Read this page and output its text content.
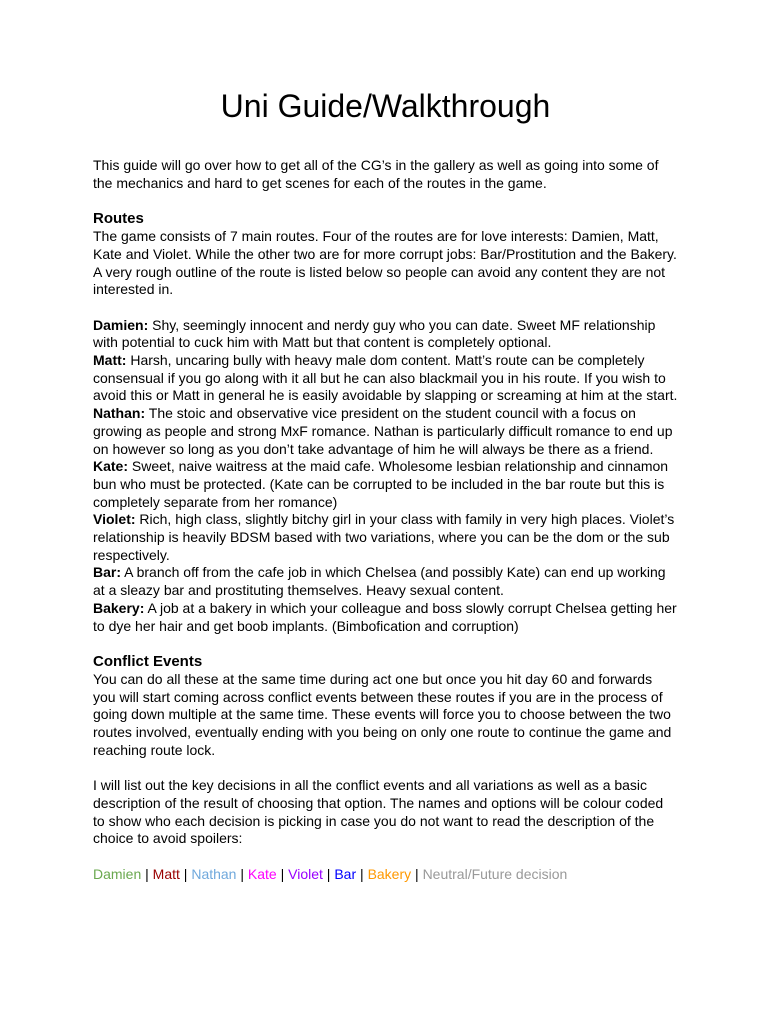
Uni Guide/Walkthrough

This guide will go over how to get all of the CG’s in the gallery as well as going into some of the mechanics and hard to get scenes for each of the routes in the game.

Routes

The game consists of 7 main routes. Four of the routes are for love interests: Damien, Matt, Kate and Violet. While the other two are for more corrupt jobs: Bar/Prostitution and the Bakery. A very rough outline of the route is listed below so people can avoid any content they are not interested in.

Damien: Shy, seemingly innocent and nerdy guy who you can date. Sweet MF relationship with potential to cuck him with Matt but that content is completely optional.

Matt: Harsh, uncaring bully with heavy male dom content. Matt’s route can be completely consensual if you go along with it all but he can also blackmail you in his route. If you wish to avoid this or Matt in general he is easily avoidable by slapping or screaming at him at the start.

Nathan: The stoic and observative vice president on the student council with a focus on growing as people and strong MxF romance. Nathan is particularly difficult romance to end up on however so long as you don’t take advantage of him he will always be there as a friend.

Kate: Sweet, naive waitress at the maid cafe. Wholesome lesbian relationship and cinnamon bun who must be protected. (Kate can be corrupted to be included in the bar route but this is completely separate from her romance)

Violet: Rich, high class, slightly bitchy girl in your class with family in very high places. Violet’s relationship is heavily BDSM based with two variations, where you can be the dom or the sub respectively.

Bar: A branch off from the cafe job in which Chelsea (and possibly Kate) can end up working at a sleazy bar and prostituting themselves. Heavy sexual content.

Bakery: A job at a bakery in which your colleague and boss slowly corrupt Chelsea getting her to dye her hair and get boob implants. (Bimbofication and corruption)

Conflict Events

You can do all these at the same time during act one but once you hit day 60 and forwards you will start coming across conflict events between these routes if you are in the process of going down multiple at the same time. These events will force you to choose between the two routes involved, eventually ending with you being on only one route to continue the game and reaching route lock.

I will list out the key decisions in all the conflict events and all variations as well as a basic description of the result of choosing that option. The names and options will be colour coded to show who each decision is picking in case you do not want to read the description of the choice to avoid spoilers:

Damien | Matt | Nathan | Kate | Violet | Bar | Bakery | Neutral/Future decision
